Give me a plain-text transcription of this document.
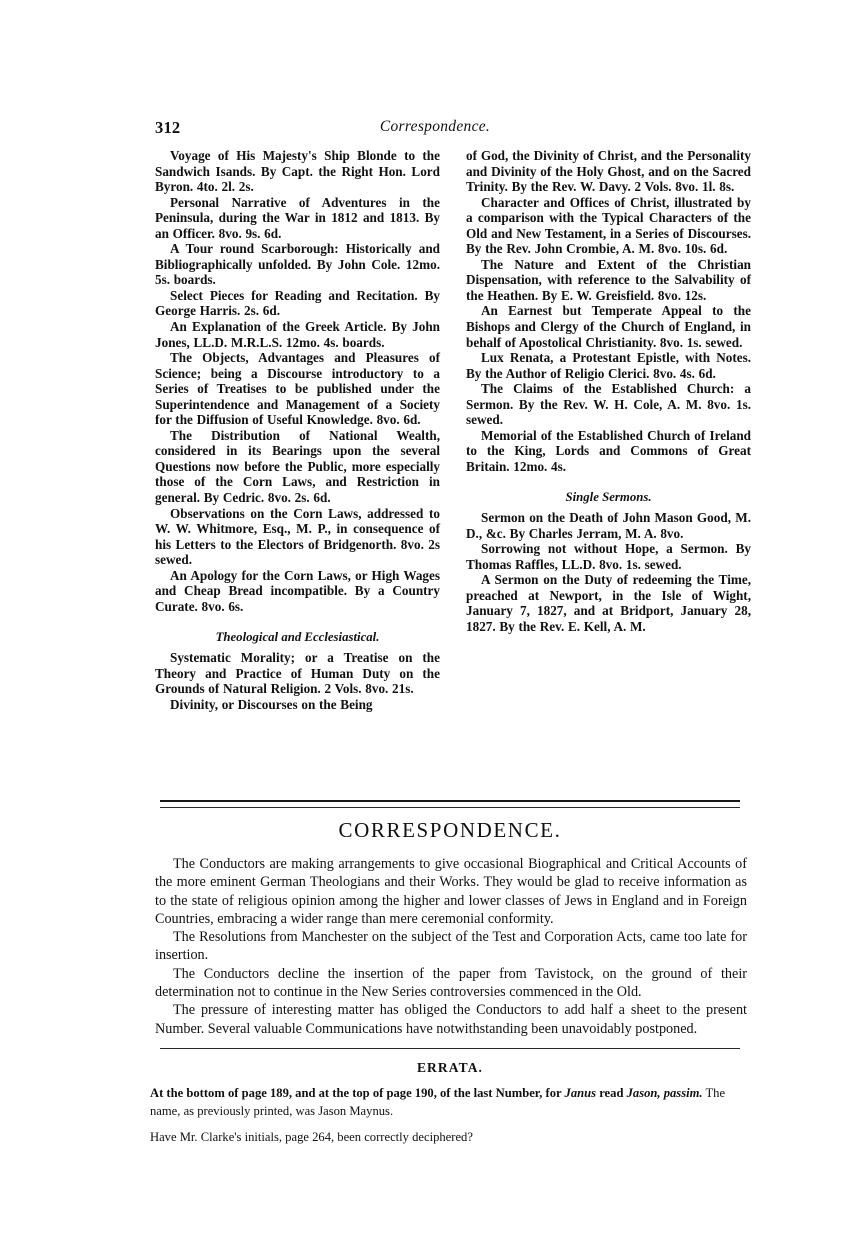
312	Correspondence.
Voyage of His Majesty's Ship Blonde to the Sandwich Isands. By Capt. the Right Hon. Lord Byron. 4to. 2l. 2s.
Personal Narrative of Adventures in the Peninsula, during the War in 1812 and 1813. By an Officer. 8vo. 9s. 6d.
A Tour round Scarborough: Historically and Bibliographically unfolded. By John Cole. 12mo. 5s. boards.
Select Pieces for Reading and Recitation. By George Harris. 2s. 6d.
An Explanation of the Greek Article. By John Jones, LL.D. M.R.L.S. 12mo. 4s. boards.
The Objects, Advantages and Pleasures of Science; being a Discourse introductory to a Series of Treatises to be published under the Superintendence and Management of a Society for the Diffusion of Useful Knowledge. 8vo. 6d.
The Distribution of National Wealth, considered in its Bearings upon the several Questions now before the Public, more especially those of the Corn Laws, and Restriction in general. By Cedric. 8vo. 2s. 6d.
Observations on the Corn Laws, addressed to W. W. Whitmore, Esq., M. P., in consequence of his Letters to the Electors of Bridgenorth. 8vo. 2s sewed.
An Apology for the Corn Laws, or High Wages and Cheap Bread incompatible. By a Country Curate. 8vo. 6s.
Theological and Ecclesiastical.
Systematic Morality; or a Treatise on the Theory and Practice of Human Duty on the Grounds of Natural Religion. 2 Vols. 8vo. 21s.
Divinity, or Discourses on the Being
of God, the Divinity of Christ, and the Personality and Divinity of the Holy Ghost, and on the Sacred Trinity. By the Rev. W. Davy. 2 Vols. 8vo. 1l. 8s.
Character and Offices of Christ, illustrated by a comparison with the Typical Characters of the Old and New Testament, in a Series of Discourses. By the Rev. John Crombie, A. M. 8vo. 10s. 6d.
The Nature and Extent of the Christian Dispensation, with reference to the Salvability of the Heathen. By E. W. Greisfield. 8vo. 12s.
An Earnest but Temperate Appeal to the Bishops and Clergy of the Church of England, in behalf of Apostolical Christianity. 8vo. 1s. sewed.
Lux Renata, a Protestant Epistle, with Notes. By the Author of Religio Clerici. 8vo. 4s. 6d.
The Claims of the Established Church: a Sermon. By the Rev. W. H. Cole, A. M. 8vo. 1s. sewed.
Memorial of the Established Church of Ireland to the King, Lords and Commons of Great Britain. 12mo. 4s.
Single Sermons.
Sermon on the Death of John Mason Good, M. D., &c. By Charles Jerram, M. A. 8vo.
Sorrowing not without Hope, a Sermon. By Thomas Raffles, LL.D. 8vo. 1s. sewed.
A Sermon on the Duty of redeeming the Time, preached at Newport, in the Isle of Wight, January 7, 1827, and at Bridport, January 28, 1827. By the Rev. E. Kell, A. M.
CORRESPONDENCE.

The Conductors are making arrangements to give occasional Biographical and Critical Accounts of the more eminent German Theologians and their Works. They would be glad to receive information as to the state of religious opinion among the higher and lower classes of Jews in England and in Foreign Countries, embracing a wider range than mere ceremonial conformity.

The Resolutions from Manchester on the subject of the Test and Corporation Acts, came too late for insertion.

The Conductors decline the insertion of the paper from Tavistock, on the ground of their determination not to continue in the New Series controversies commenced in the Old.

The pressure of interesting matter has obliged the Conductors to add half a sheet to the present Number. Several valuable Communications have notwithstanding been unavoidably postponed.

ERRATA.

At the bottom of page 189, and at the top of page 190, of the last Number, for Janus read Jason, passim. The name, as previously printed, was Jason Maynus.

Have Mr. Clarke's initials, page 264, been correctly deciphered?
